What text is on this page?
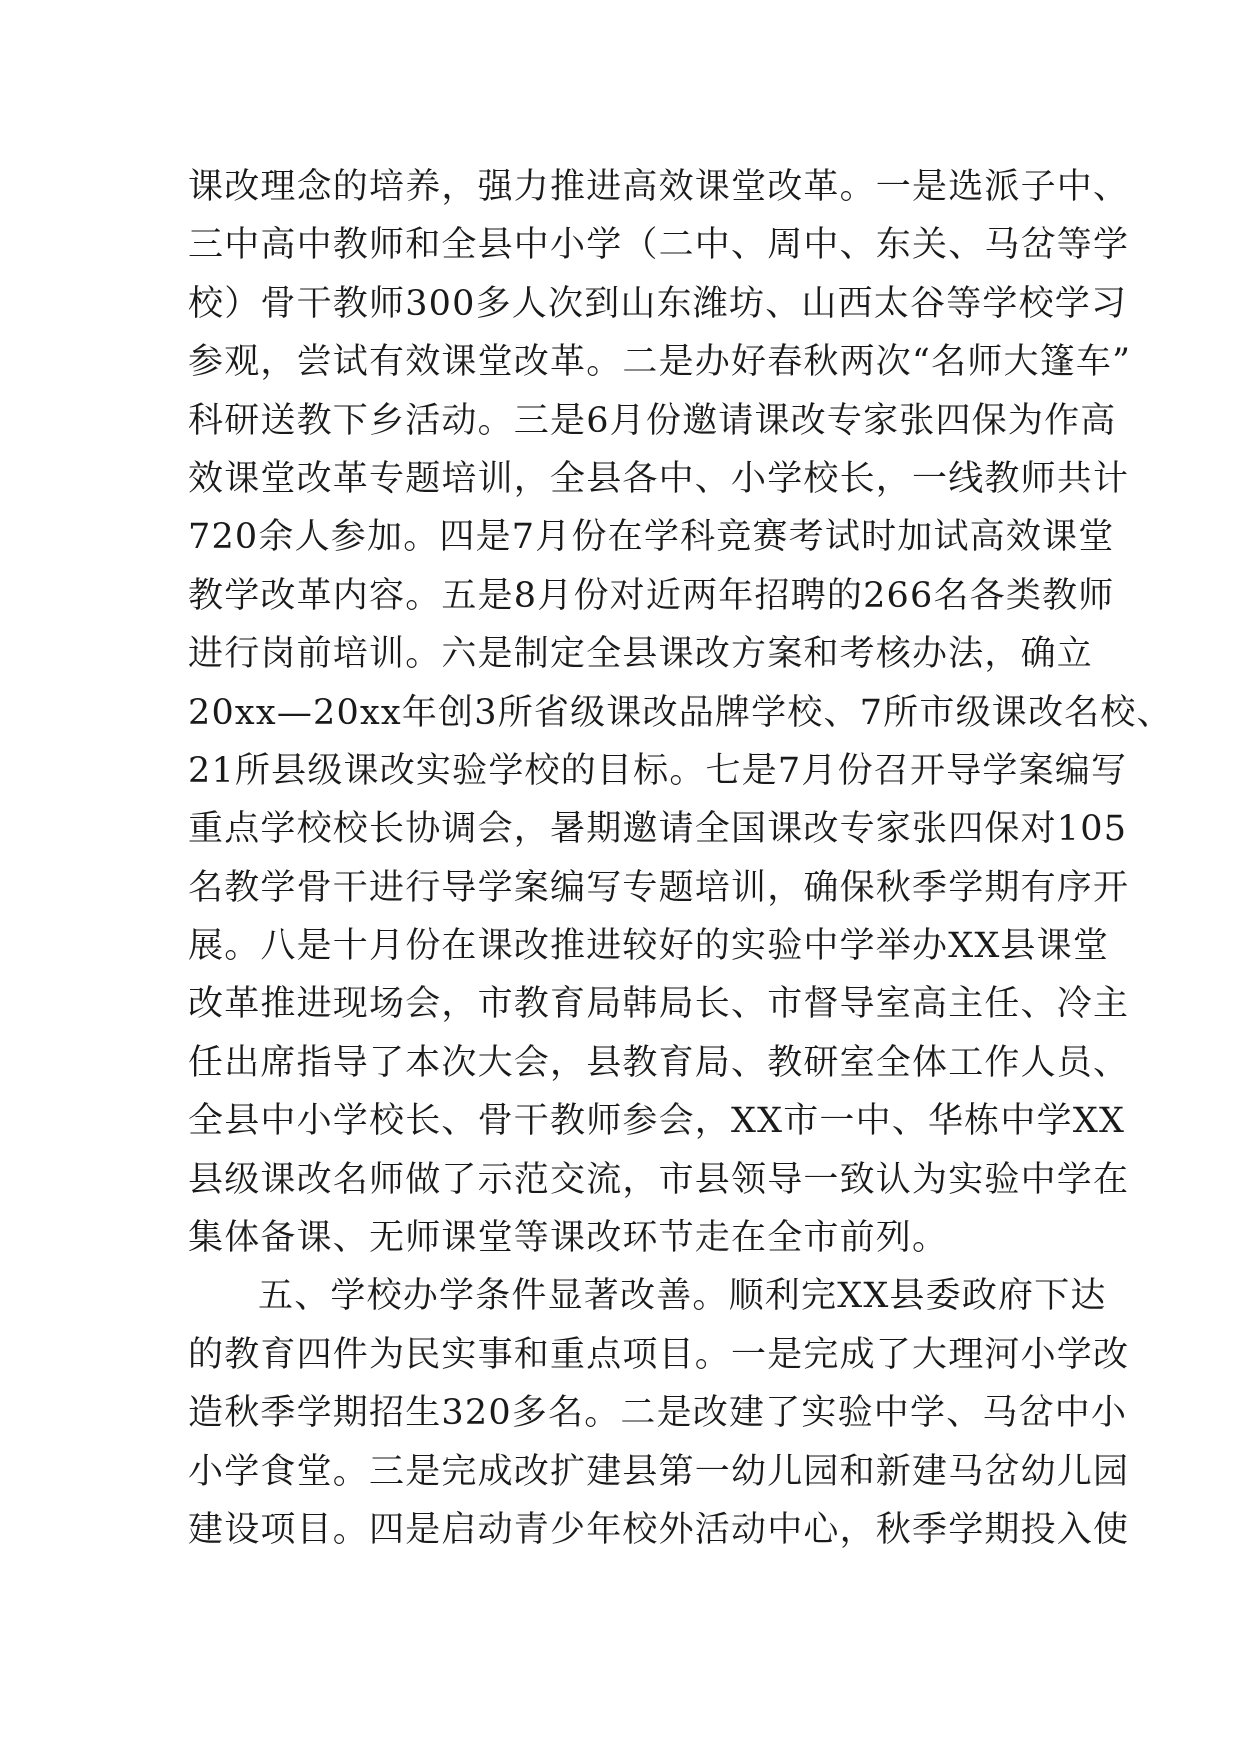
课改理念的培养，强力推进高效课堂改革。一是选派子中、
三中高中教师和全县中小学（二中、周中、东关、马岔等学
校）骨干教师300多人次到山东潍坊、山西太谷等学校学习
参观，尝试有效课堂改革。二是办好春秋两次“名师大篷车”
科研送教下乡活动。三是6月份邀请课改专家张四保为作高
效课堂改革专题培训，全县各中、小学校长，一线教师共计
720余人参加。四是7月份在学科竞赛考试时加试高效课堂
教学改革内容。五是8月份对近两年招聘的266名各类教师
进行岗前培训。六是制定全县课改方案和考核办法，确立
20xx—20xx年创3所省级课改品牌学校、7所市级课改名校、
21所县级课改实验学校的目标。七是7月份召开导学案编写
重点学校校长协调会，暑期邀请全国课改专家张四保对105
名教学骨干进行导学案编写专题培训，确保秋季学期有序开
展。八是十月份在课改推进较好的实验中学举办XX县课堂
改革推进现场会，市教育局韩局长、市督导室高主任、冷主
任出席指导了本次大会，县教育局、教研室全体工作人员、
全县中小学校长、骨干教师参会，XX市一中、华栋中学XX
县级课改名师做了示范交流，市县领导一致认为实验中学在
集体备课、无师课堂等课改环节走在全市前列。
五、学校办学条件显著改善。顺利完XX县委政府下达
的教育四件为民实事和重点项目。一是完成了大理河小学改
造秋季学期招生320多名。二是改建了实验中学、马岔中小
小学食堂。三是完成改扩建县第一幼儿园和新建马岔幼儿园
建设项目。四是启动青少年校外活动中心，秋季学期投入使
